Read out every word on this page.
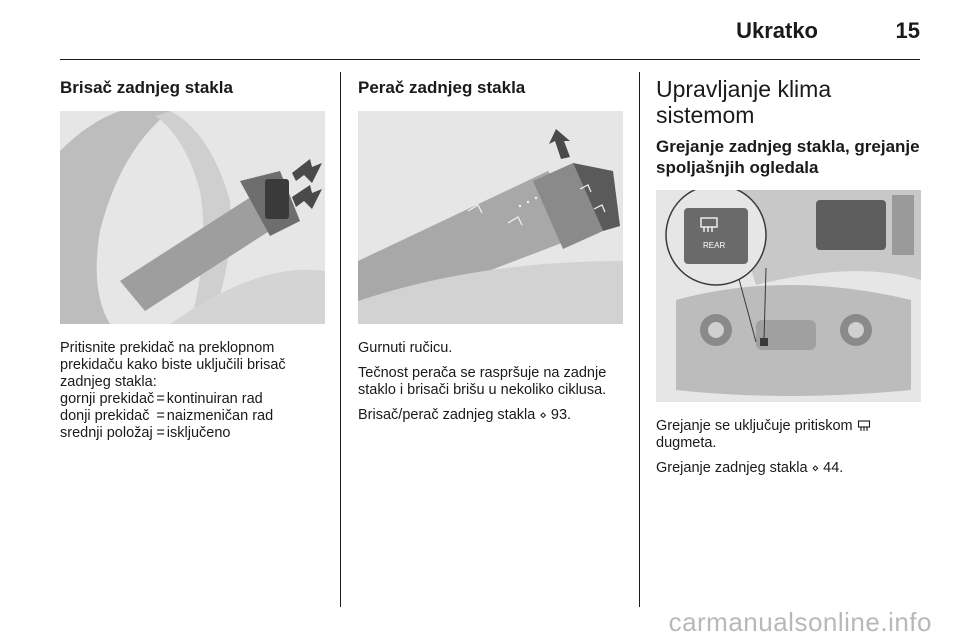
Ukratko	15
Brisač zadnjeg stakla

Pritisnite prekidač na preklopnom prekidaču kako biste uključili brisač zadnjeg stakla:

gornji prekidač	=	kontinuiran rad
donji prekidač	=	naizmeničan rad
srednji položaj	=	isključeno
Perač zadnjeg stakla

Gurnuti ručicu.

Tečnost perača se raspršuje na zadnje staklo i brisači brišu u nekoliko ciklusa.

Brisač/perač zadnjeg stakla ⋄ 93.

Upravljanje klima sistemom
Grejanje zadnjeg stakla, grejanje spoljašnjih ogledala
REAR

Grejanje se uključuje pritiskom  dugmeta.

Grejanje zadnjeg stakla ⋄ 44.

carmanualsonline.info
